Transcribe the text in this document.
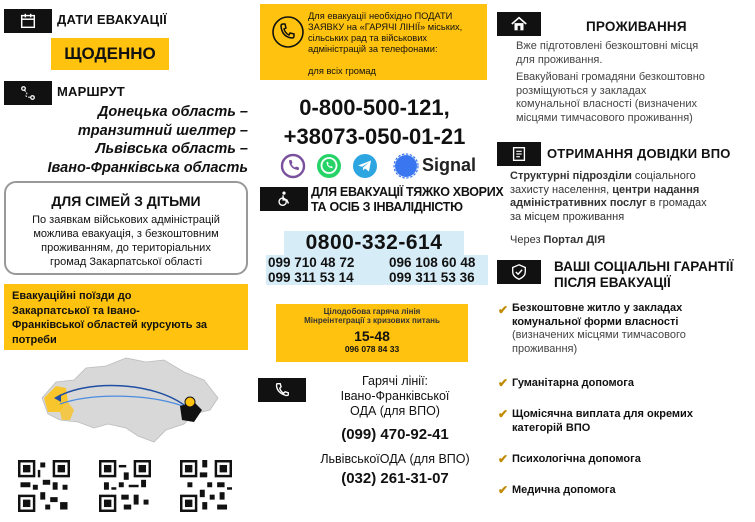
ДАТИ ЕВАКУАЦІЇ
ЩОДЕННО
МАРШРУТ
Донецька область –
транзитний шелтер –
Львівська область –
Івано-Франківська область
ДЛЯ СІМЕЙ З ДІТЬМИ
По заявкам військових адміністрацій
можлива евакуація, з безкоштовним
проживанням, до територіальних
громад Закарпатської області
Евакуаційні поїзди до
Закарпатської та Івано-
Франківської областей курсують за
потреби
Для евакуації необхідно ПОДАТИ
ЗАЯВКУ на «ГАРЯЧІ ЛІНІЇ» міських,
сільських рад та військових
адміністрацій за телефонами:
для всіх громад
0-800-500-121,
+38073-050-01-21
Signal
ДЛЯ ЕВАКУАЦІЇ ТЯЖКО ХВОРИХ
ТА ОСІБ З ІНВАЛІДНІСТЮ
0800-332-614
099 710 48 72	096 108 60 48
099 311 53 14	099 311 53 36
Цілодобова гаряча лінія
Мінреінтеграції з кризових питань
15-48
096 078 84 33
Гарячі лінії:
Івано-Франківської
ОДА (для ВПО)
(099) 470-92-41
ЛьвівськоїОДА (для ВПО)
(032) 261-31-07
ПРОЖИВАННЯ
Вже підготовлені безкоштовні місця
для проживання.
Евакуйовані громадяни безкоштовно
розміщуються у закладах
комунальної власності (визначених
місцями тимчасового проживання)
ОТРИМАННЯ ДОВІДКИ ВПО
Структурні підрозділи соціального
захисту населення, центри надання
адміністративних послуг в громадах
за місцем проживання
Через Портал ДІЯ
ВАШІ СОЦІАЛЬНІ ГАРАНТІЇ
ПІСЛЯ ЕВАКУАЦІЇ
✔ Безкоштовне житло у закладах
комунальної форми власності
(визначених місцями тимчасового
проживання)
✔ Гуманітарна допомога
✔ Щомісячна виплата для окремих
категорій ВПО
✔ Психологічна допомога
✔ Медична допомога
